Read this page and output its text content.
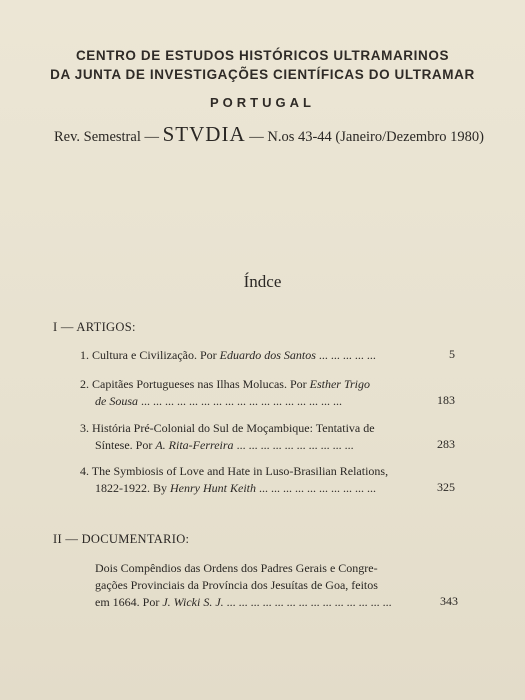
CENTRO DE ESTUDOS HISTÓRICOS ULTRAMARINOS
DA JUNTA DE INVESTIGAÇÕES CIENTÍFICAS DO ULTRAMAR
PORTUGAL
Rev. Semestral — STVDIA — N.os 43-44 (Janeiro/Dezembro 1980)
Índce
I — ARTIGOS:
1. Cultura e Civilização. Por Eduardo dos Santos ... ... ... ... ...	5
2. Capitães Portugueses nas Ilhas Molucas. Por Esther Trigo
de Sousa ... ... ... ... ... ... ... ... ... ... ... ... ... ... ... ... ...	183
3. História Pré-Colonial do Sul de Moçambique: Tentativa de
Síntese. Por A. Rita-Ferreira ... ... ... ... ... ... ... ... ... ...	283
4. The Symbiosis of Love and Hate in Luso-Brasilian Relations,
1822-1922. By Henry Hunt Keith ... ... ... ... ... ... ... ... ... ...	325
II — DOCUMENTARIO:
Dois Compêndios das Ordens dos Padres Gerais e Congre-
gações Provinciais da Província dos Jesuítas de Goa, feitos
em 1664. Por J. Wicki S. J. ... ... ... ... ... ... ... ... ... ... ... ... ... ...	343
